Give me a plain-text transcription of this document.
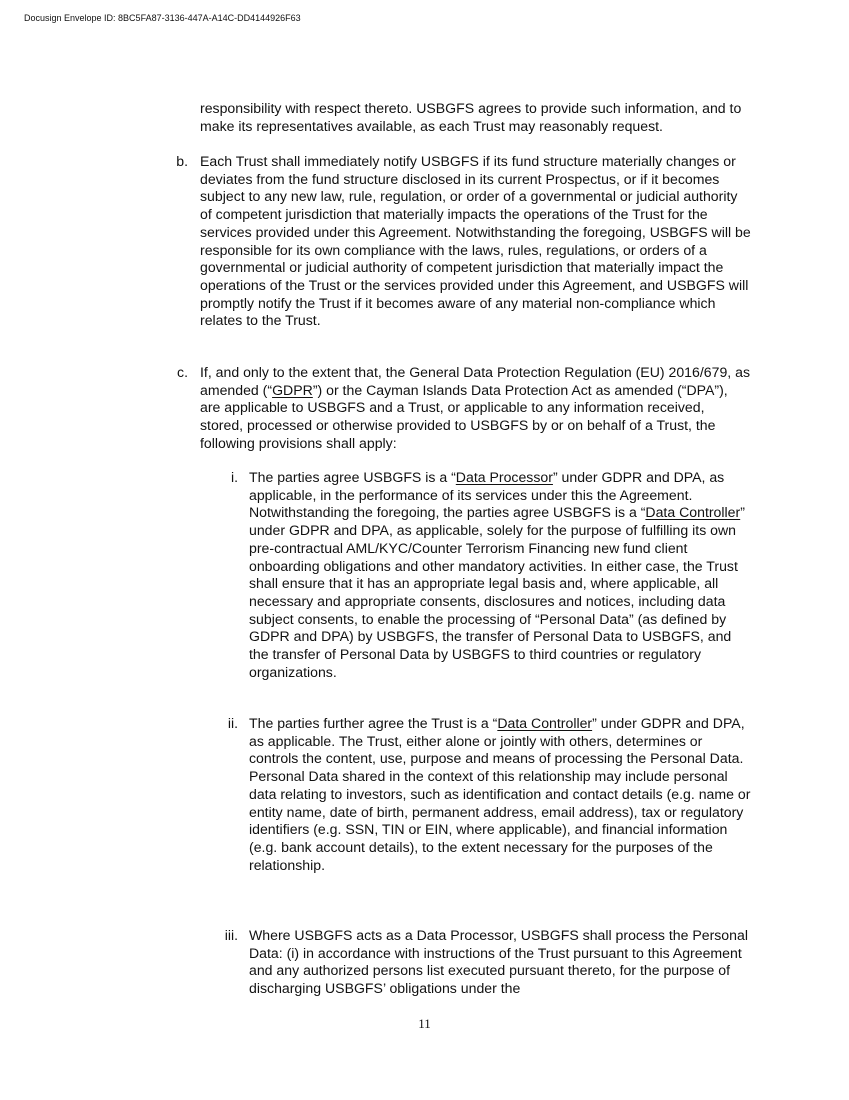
Docusign Envelope ID: 8BC5FA87-3136-447A-A14C-DD4144926F63

responsibility with respect thereto. USBGFS agrees to provide such information, and to make its representatives available, as each Trust may reasonably request.

b. Each Trust shall immediately notify USBGFS if its fund structure materially changes or deviates from the fund structure disclosed in its current Prospectus, or if it becomes subject to any new law, rule, regulation, or order of a governmental or judicial authority of competent jurisdiction that materially impacts the operations of the Trust for the services provided under this Agreement. Notwithstanding the foregoing, USBGFS will be responsible for its own compliance with the laws, rules, regulations, or orders of a governmental or judicial authority of competent jurisdiction that materially impact the operations of the Trust or the services provided under this Agreement, and USBGFS will promptly notify the Trust if it becomes aware of any material non-compliance which relates to the Trust.

c. If, and only to the extent that, the General Data Protection Regulation (EU) 2016/679, as amended (“GDPR”) or the Cayman Islands Data Protection Act as amended (“DPA”), are applicable to USBGFS and a Trust, or applicable to any information received, stored, processed or otherwise provided to USBGFS by or on behalf of a Trust, the following provisions shall apply:

i. The parties agree USBGFS is a “Data Processor” under GDPR and DPA, as applicable, in the performance of its services under this the Agreement. Notwithstanding the foregoing, the parties agree USBGFS is a “Data Controller” under GDPR and DPA, as applicable, solely for the purpose of fulfilling its own pre-contractual AML/KYC/Counter Terrorism Financing new fund client onboarding obligations and other mandatory activities. In either case, the Trust shall ensure that it has an appropriate legal basis and, where applicable, all necessary and appropriate consents, disclosures and notices, including data subject consents, to enable the processing of “Personal Data” (as defined by GDPR and DPA) by USBGFS, the transfer of Personal Data to USBGFS, and the transfer of Personal Data by USBGFS to third countries or regulatory organizations.

ii. The parties further agree the Trust is a “Data Controller” under GDPR and DPA, as applicable. The Trust, either alone or jointly with others, determines or controls the content, use, purpose and means of processing the Personal Data. Personal Data shared in the context of this relationship may include personal data relating to investors, such as identification and contact details (e.g. name or entity name, date of birth, permanent address, email address), tax or regulatory identifiers (e.g. SSN, TIN or EIN, where applicable), and financial information (e.g. bank account details), to the extent necessary for the purposes of the relationship.

iii. Where USBGFS acts as a Data Processor, USBGFS shall process the Personal Data: (i) in accordance with instructions of the Trust pursuant to this Agreement and any authorized persons list executed pursuant thereto, for the purpose of discharging USBGFS’ obligations under the

11
